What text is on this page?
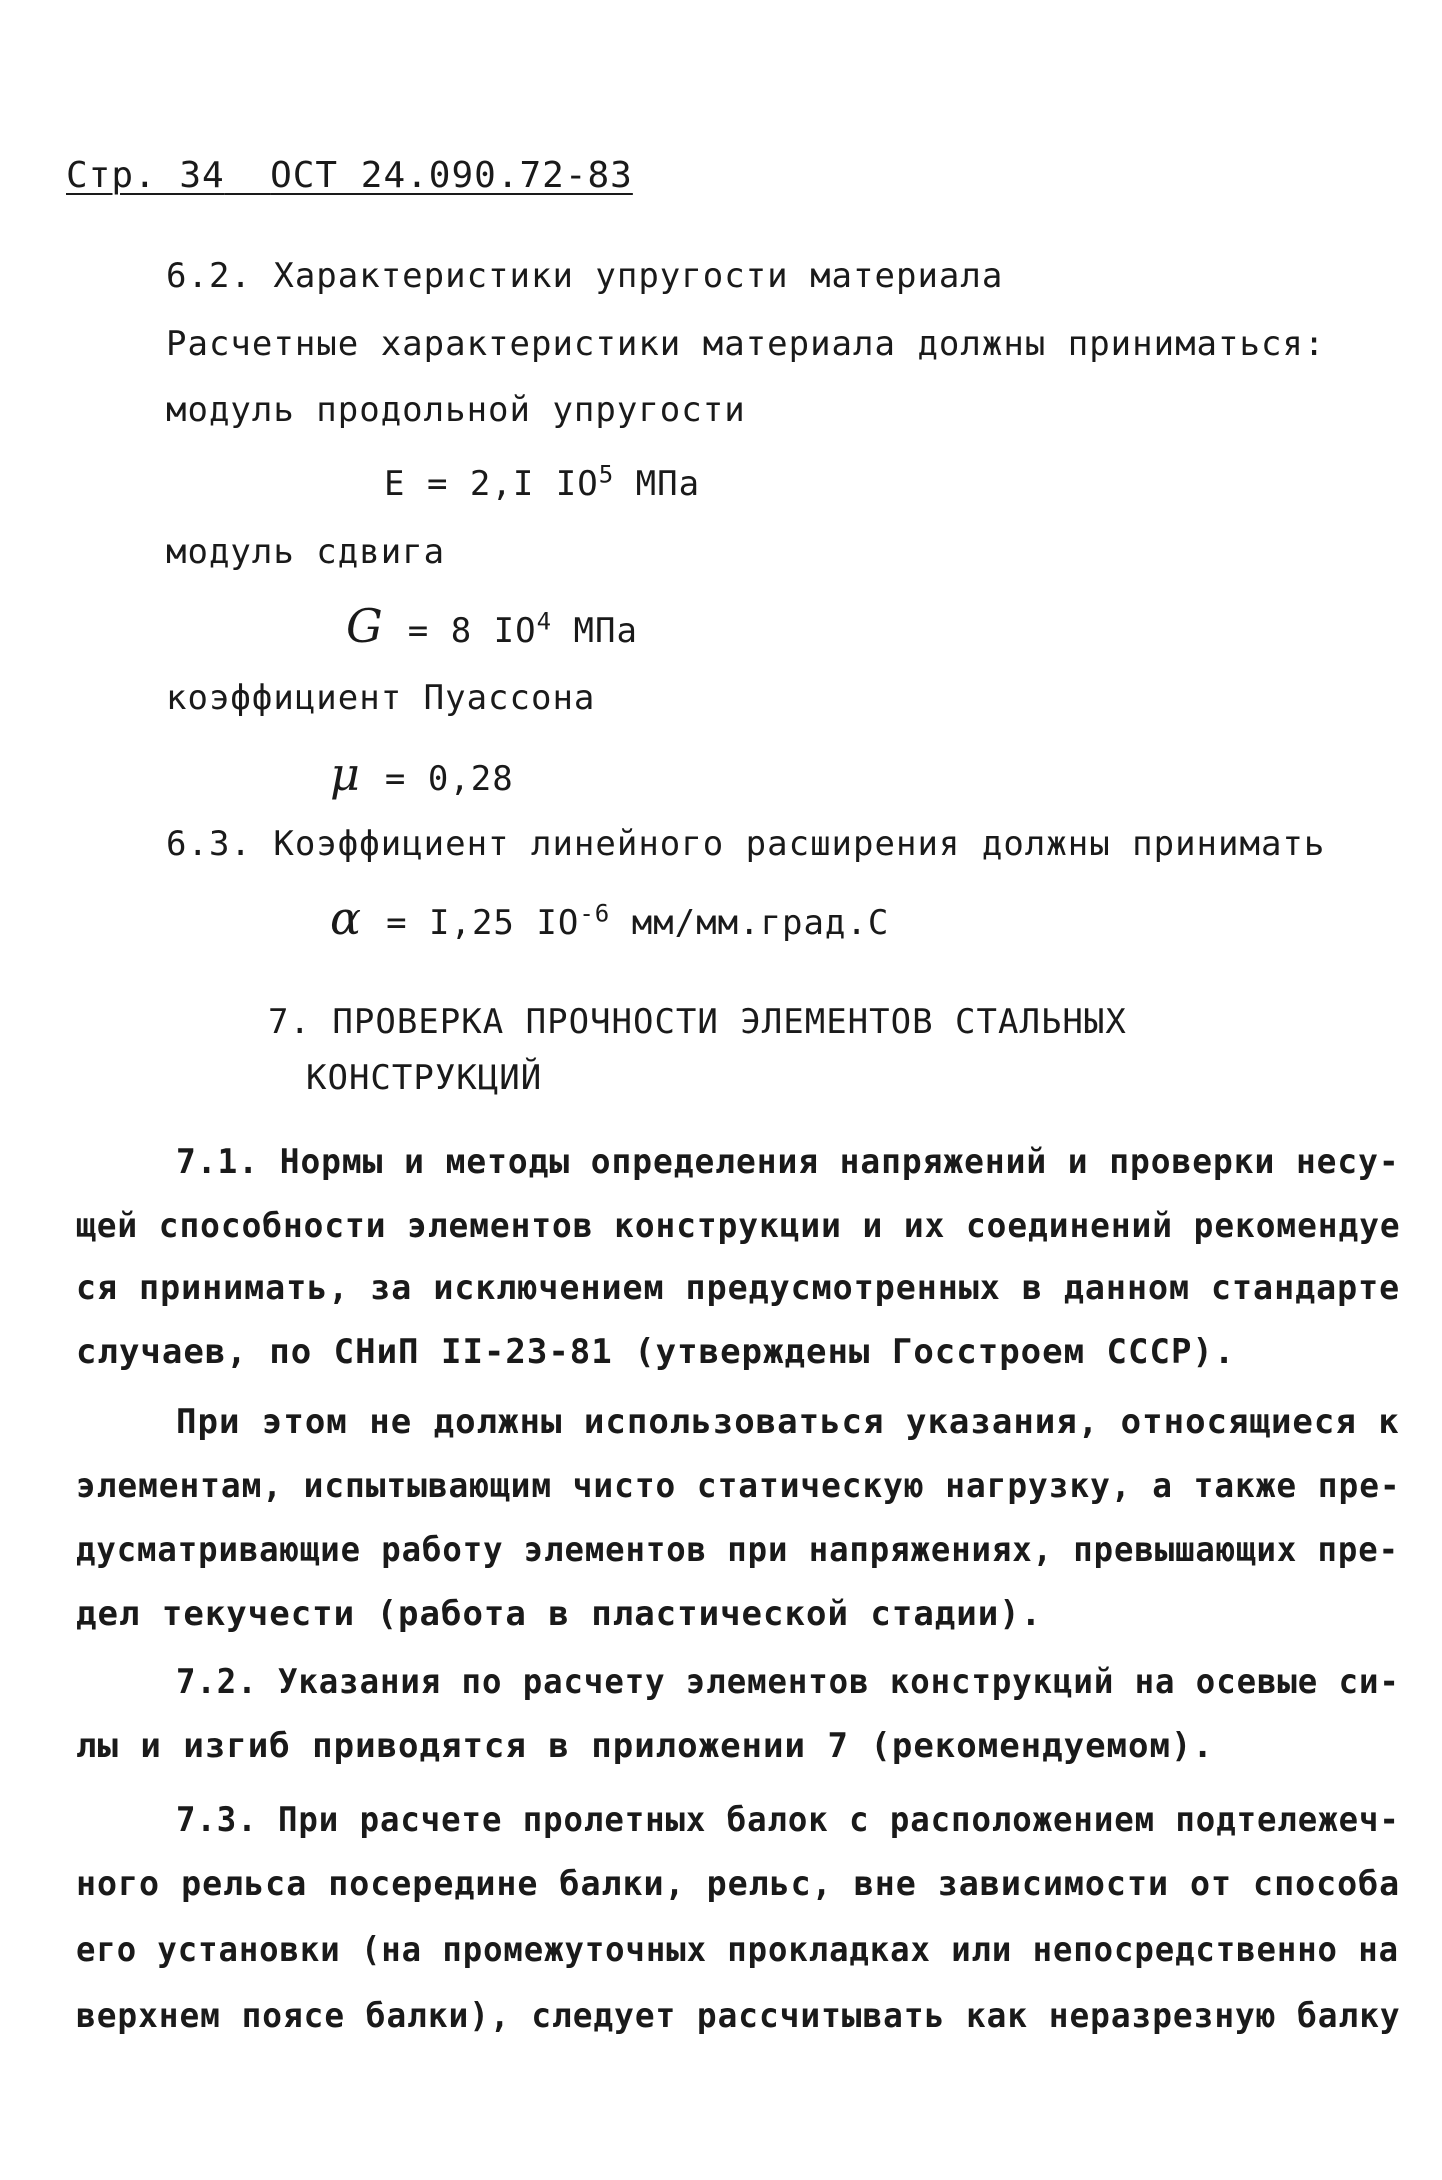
Стр. 34 ОСТ 24.090.72-83
6.2. Характеристики упругости материала
Расчетные характеристики материала должны приниматься:
модуль продольной упругости
Е = 2,I $IO^5$ МПа
модуль сдвига
G = 8 $IO^4$ МПа
коэффициент Пуассона
μ = 0,28
6.3. Коэффициент линейного расширения должны принимать
α = I,25 $IO^{-6}$ мм/мм.град.С
7. ПРОВЕРКА ПРОЧНОСТИ ЭЛЕМЕНТОВ СТАЛЬНЫХ
КОНСТРУКЦИЙ
7.1. Нормы и методы определения напряжений и проверки несу-
щей способности элементов конструкции и их соединений рекомендуе
ся принимать, за исключением предусмотренных в данном стандарте
случаев, по СНиП II-23-81 (утверждены Госстроем СССР).
При этом не должны использоваться указания, относящиеся к
элементам, испытывающим чисто статическую нагрузку, а также пре-
дусматривающие работу элементов при напряжениях, превышающих пре-
дел текучести (работа в пластической стадии).
7.2. Указания по расчету элементов конструкций на осевые си-
лы и изгиб приводятся в приложении 7 (рекомендуемом).
7.3. При расчете пролетных балок с расположением подтележеч-
ного рельса посередине балки, рельс, вне зависимости от способа
его установки (на промежуточных прокладках или непосредственно на
верхнем поясе балки), следует рассчитывать как неразрезную балку
